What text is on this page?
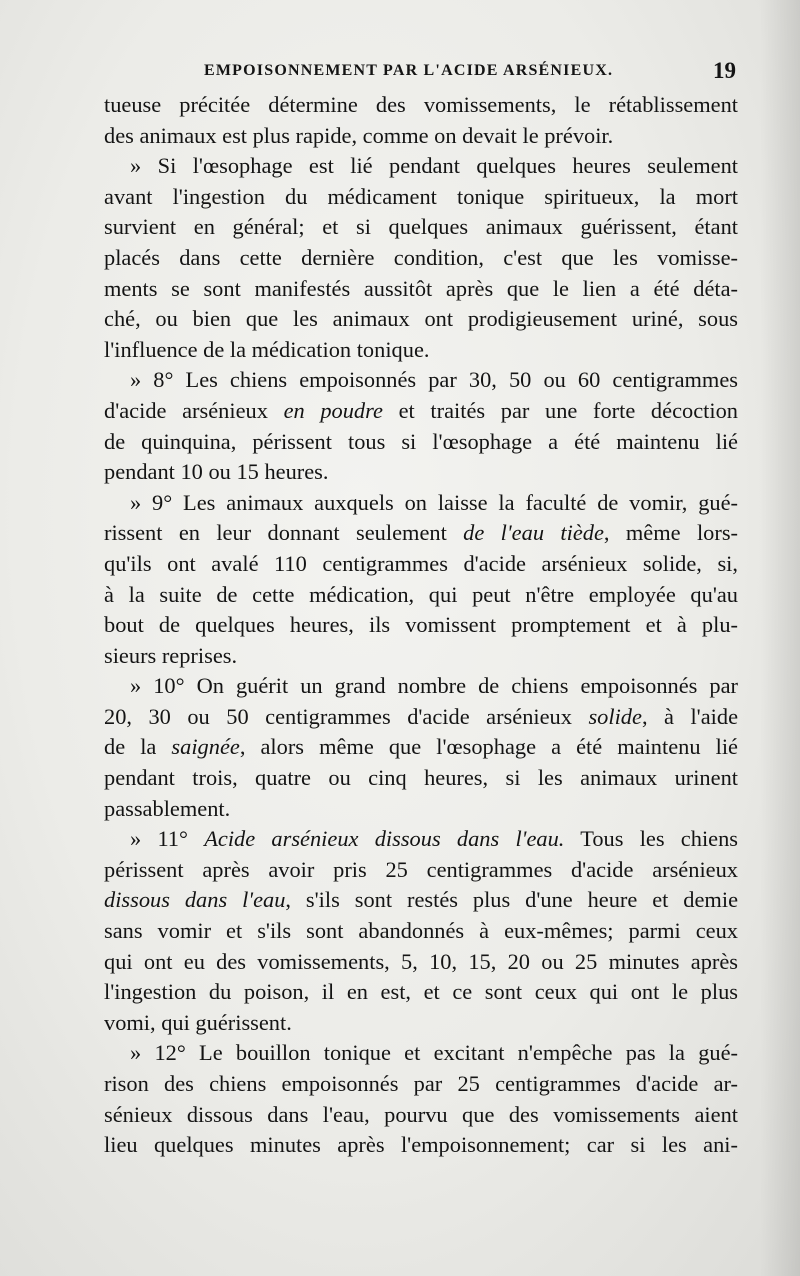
EMPOISONNEMENT PAR L'ACIDE ARSÉNIEUX.	19
tueuse précitée détermine des vomissements, le rétablissement
des animaux est plus rapide, comme on devait le prévoir.
» Si l'œsophage est lié pendant quelques heures seulement
avant l'ingestion du médicament tonique spiritueux, la mort
survient en général; et si quelques animaux guérissent, étant
placés dans cette dernière condition, c'est que les vomisse-
ments se sont manifestés aussitôt après que le lien a été déta-
ché, ou bien que les animaux ont prodigieusement uriné, sous
l'influence de la médication tonique.
» 8° Les chiens empoisonnés par 30, 50 ou 60 centigrammes
d'acide arsénieux en poudre et traités par une forte décoction
de quinquina, périssent tous si l'œsophage a été maintenu lié
pendant 10 ou 15 heures.
» 9° Les animaux auxquels on laisse la faculté de vomir, gué-
rissent en leur donnant seulement de l'eau tiède, même lors-
qu'ils ont avalé 110 centigrammes d'acide arsénieux solide, si,
à la suite de cette médication, qui peut n'être employée qu'au
bout de quelques heures, ils vomissent promptement et à plu-
sieurs reprises.
» 10° On guérit un grand nombre de chiens empoisonnés par
20, 30 ou 50 centigrammes d'acide arsénieux solide, à l'aide
de la saignée, alors même que l'œsophage a été maintenu lié
pendant trois, quatre ou cinq heures, si les animaux urinent
passablement.
» 11° Acide arsénieux dissous dans l'eau. Tous les chiens
périssent après avoir pris 25 centigrammes d'acide arsénieux
dissous dans l'eau, s'ils sont restés plus d'une heure et demie
sans vomir et s'ils sont abandonnés à eux-mêmes; parmi ceux
qui ont eu des vomissements, 5, 10, 15, 20 ou 25 minutes après
l'ingestion du poison, il en est, et ce sont ceux qui ont le plus
vomi, qui guérissent.
» 12° Le bouillon tonique et excitant n'empêche pas la gué-
rison des chiens empoisonnés par 25 centigrammes d'acide ar-
sénieux dissous dans l'eau, pourvu que des vomissements aient
lieu quelques minutes après l'empoisonnement; car si les ani-
